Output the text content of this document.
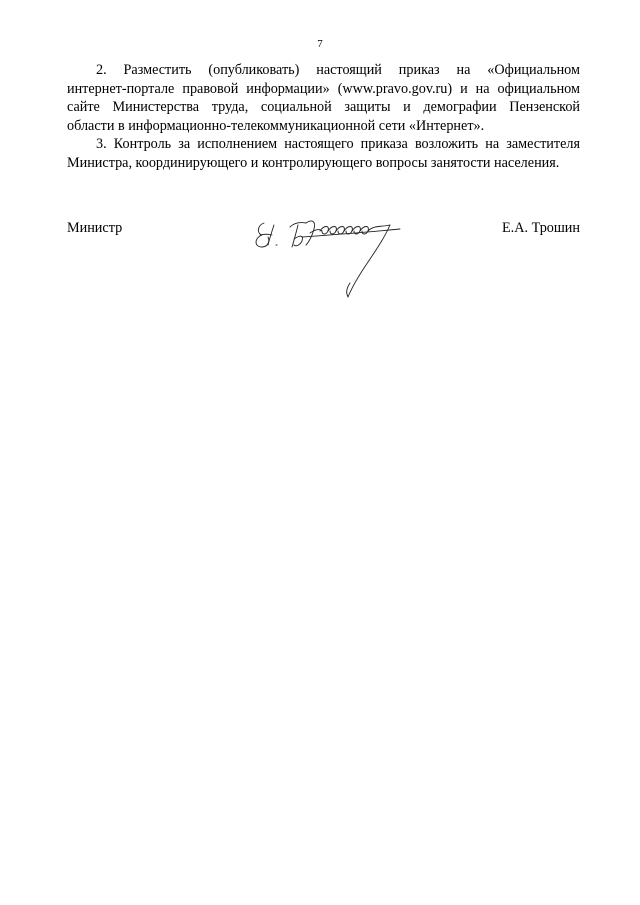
7

2. Разместить (опубликовать) настоящий приказ на «Официальном
интернет-портале правовой информации» (www.pravo.gov.ru) и на официальном
сайте Министерства труда, социальной защиты и демографии Пензенской
области в информационно-телекоммуникационной сети «Интернет».

3. Контроль за исполнением настоящего приказа возложить на заместителя
Министра, координирующего и контролирующего вопросы занятости населения.

Министр	Е.А. Трошин
